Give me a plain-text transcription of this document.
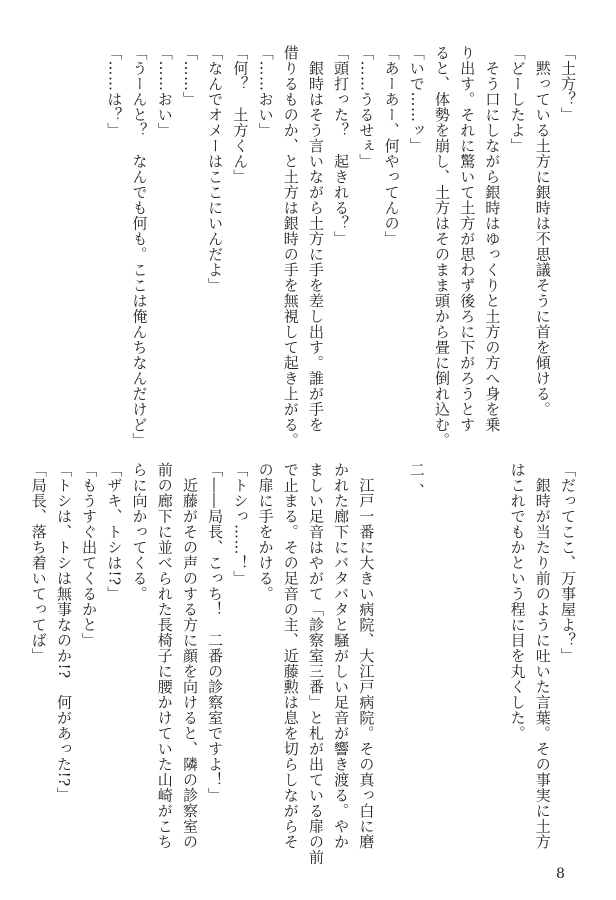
「土方？」
　黙っている土方に銀時は不思議そうに首を傾ける。
「どーしたよ」
　そう口にしながら銀時はゆっくりと土方の方へ身を乗
り出す。それに驚いて土方が思わず後ろに下がろうとす
ると、体勢を崩し、土方はそのまま頭から畳に倒れ込む。
「いで……ッ」
「あーあー、何やってんの」
「……うるせぇ」
「頭打った？　起きれる？」
　銀時はそう言いながら土方に手を差し出す。誰が手を
借りるものか、と土方は銀時の手を無視して起き上がる。
「……おい」
「何？　土方くん」
「なんでオメーはここにいんだよ」
「……」
「……おい」
「うーんと？　なんでも何も。ここは俺んちなんだけど」
「……は？」
「だってここ、万事屋よ？」
　銀時が当たり前のように吐いた言葉。その事実に土方
はこれでもかという程に目を丸くした。
二、
　江戸一番に大きい病院、大江戸病院。その真っ白に磨
かれた廊下にバタバタと騒がしい足音が響き渡る。やか
ましい足音はやがて「診察室三番」と札が出ている扉の前
で止まる。その足音の主、近藤勲は息を切らしながらそ
の扉に手をかける。
「トシっ……！」
「――局長、こっち！　二番の診察室ですよ！」
　近藤がその声のする方に顔を向けると、隣の診察室の
前の廊下に並べられた長椅子に腰かけていた山崎がこち
らに向かってくる。
「ザキ、トシは!?」
「もうすぐ出てくるかと」
「トシは、トシは無事なのか!?　何があった!?」
「局長、落ち着いてってば」
8
